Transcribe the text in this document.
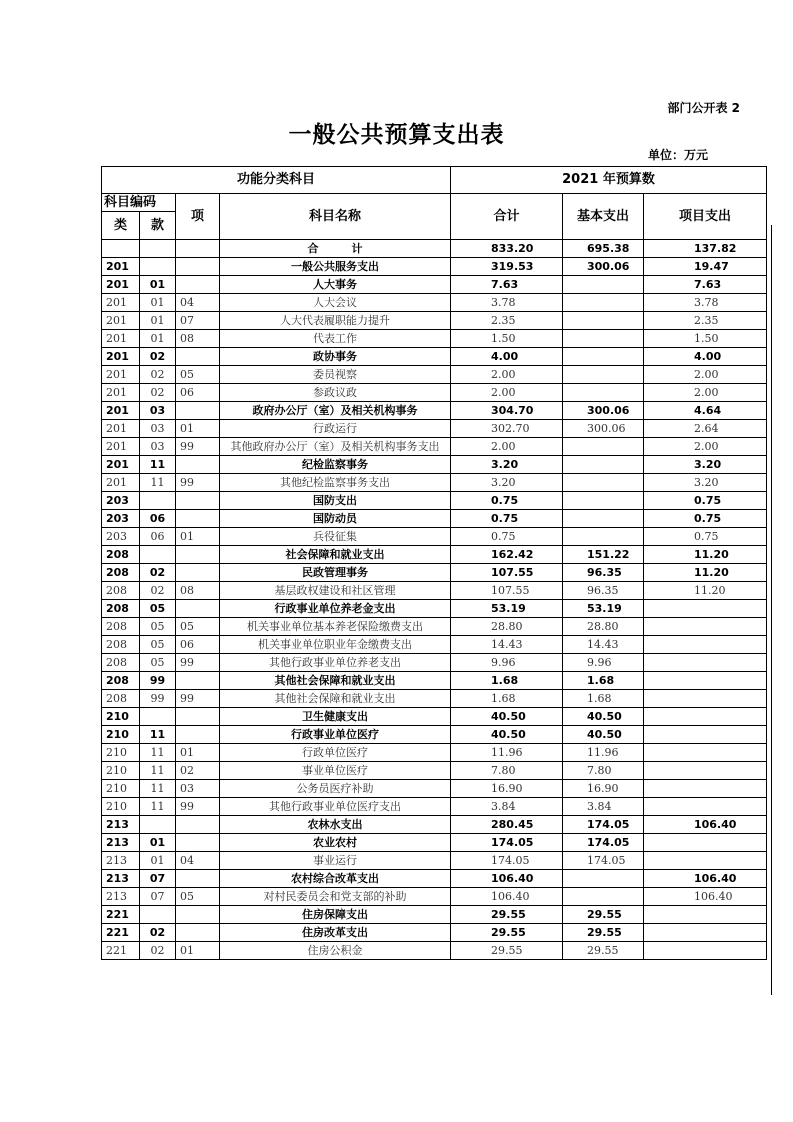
部门公开表 2
一般公共预算支出表
单位：万元
功能分类科目				2021 年预算数		
科目编码		项	科目名称	合计	基本支出	项目支出
类	款					
			合　　　计	833.20	695.38	137.82
201			一般公共服务支出	319.53	300.06	19.47
201	01		人大事务	7.63		7.63
201	01	04	人大会议	3.78		3.78
201	01	07	人大代表履职能力提升	2.35		2.35
201	01	08	代表工作	1.50		1.50
201	02		政协事务	4.00		4.00
201	02	05	委员视察	2.00		2.00
201	02	06	参政议政	2.00		2.00
201	03		政府办公厅（室）及相关机构事务	304.70	300.06	4.64
201	03	01	行政运行	302.70	300.06	2.64
201	03	99	其他政府办公厅（室）及相关机构事务支出	2.00		2.00
201	11		纪检监察事务	3.20		3.20
201	11	99	其他纪检监察事务支出	3.20		3.20
203			国防支出	0.75		0.75
203	06		国防动员	0.75		0.75
203	06	01	兵役征集	0.75		0.75
208			社会保障和就业支出	162.42	151.22	11.20
208	02		民政管理事务	107.55	96.35	11.20
208	02	08	基层政权建设和社区管理	107.55	96.35	11.20
208	05		行政事业单位养老金支出	53.19	53.19	
208	05	05	机关事业单位基本养老保险缴费支出	28.80	28.80	
208	05	06	机关事业单位职业年金缴费支出	14.43	14.43	
208	05	99	其他行政事业单位养老支出	9.96	9.96	
208	99		其他社会保障和就业支出	1.68	1.68	
208	99	99	其他社会保障和就业支出	1.68	1.68	
210			卫生健康支出	40.50	40.50	
210	11		行政事业单位医疗	40.50	40.50	
210	11	01	行政单位医疗	11.96	11.96	
210	11	02	事业单位医疗	7.80	7.80	
210	11	03	公务员医疗补助	16.90	16.90	
210	11	99	其他行政事业单位医疗支出	3.84	3.84	
213			农林水支出	280.45	174.05	106.40
213	01		农业农村	174.05	174.05	
213	01	04	事业运行	174.05	174.05	
213	07		农村综合改革支出	106.40		106.40
213	07	05	对村民委员会和党支部的补助	106.40		106.40
221			住房保障支出	29.55	29.55	
221	02		住房改革支出	29.55	29.55	
221	02	01	住房公积金	29.55	29.55	
